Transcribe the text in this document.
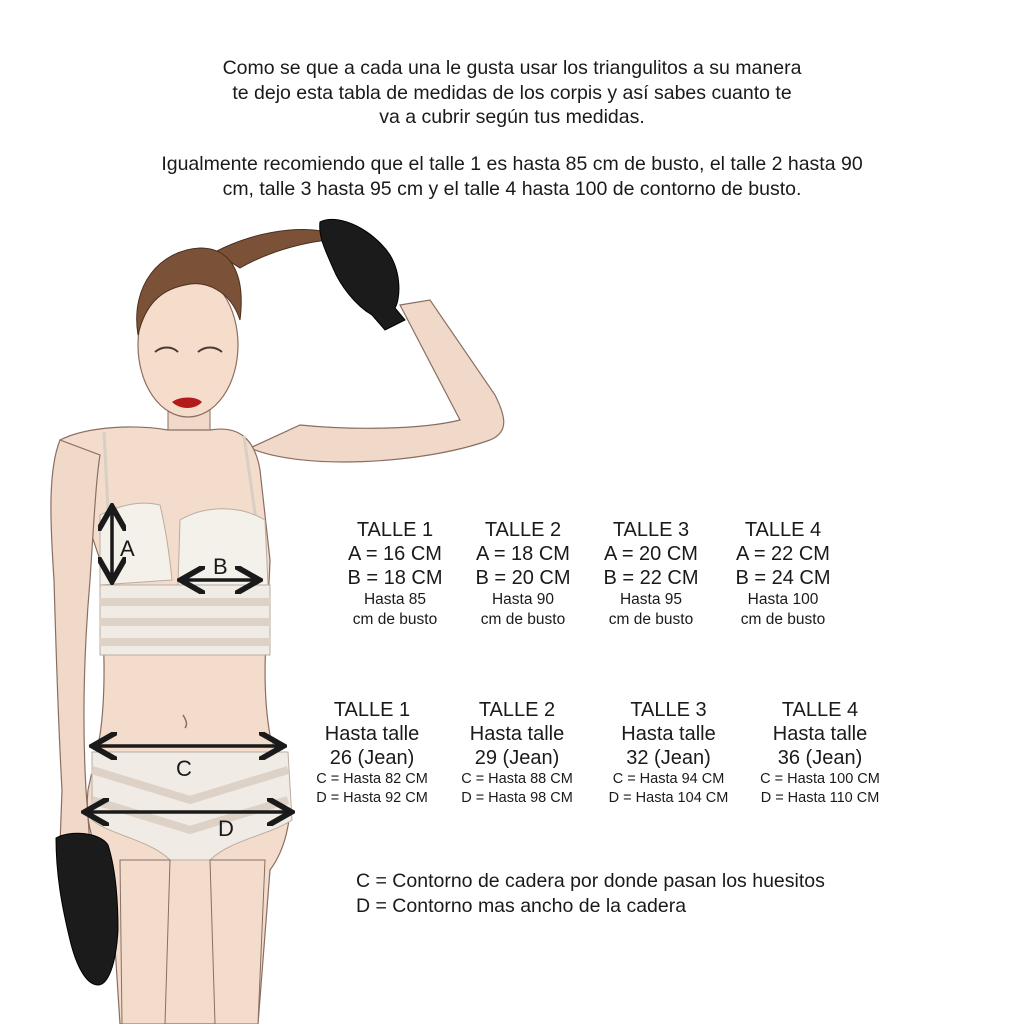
Como se que a cada una le gusta usar los triangulitos a su manera

te dejo esta tabla de medidas de los corpis y así sabes cuanto te

va a cubrir según tus medidas.

Igualmente recomiendo que el talle 1 es hasta 85 cm de busto, el talle 2 hasta 90

cm, talle 3 hasta 95 cm y el talle 4 hasta 100 de contorno de busto.

A
B
C
D
TALLE 1
A = 16 CM
B = 18 CM
Hasta 85
cm de busto
TALLE 2
A = 18 CM
B = 20 CM
Hasta 90
cm de busto
TALLE 3
A = 20 CM
B = 22 CM
Hasta 95
cm de busto
TALLE 4
A = 22 CM
B = 24 CM
Hasta 100
cm de busto
TALLE 1
Hasta talle
26 (Jean)
C = Hasta 82 CM
D = Hasta 92 CM
TALLE 2
Hasta talle
29 (Jean)
C = Hasta 88 CM
D = Hasta 98 CM
TALLE 3
Hasta talle
32 (Jean)
C = Hasta 94 CM
D = Hasta 104 CM
TALLE 4
Hasta talle
36 (Jean)
C = Hasta 100 CM
D = Hasta 110 CM

C = Contorno de cadera por donde pasan los huesitos

D = Contorno mas ancho de la cadera
